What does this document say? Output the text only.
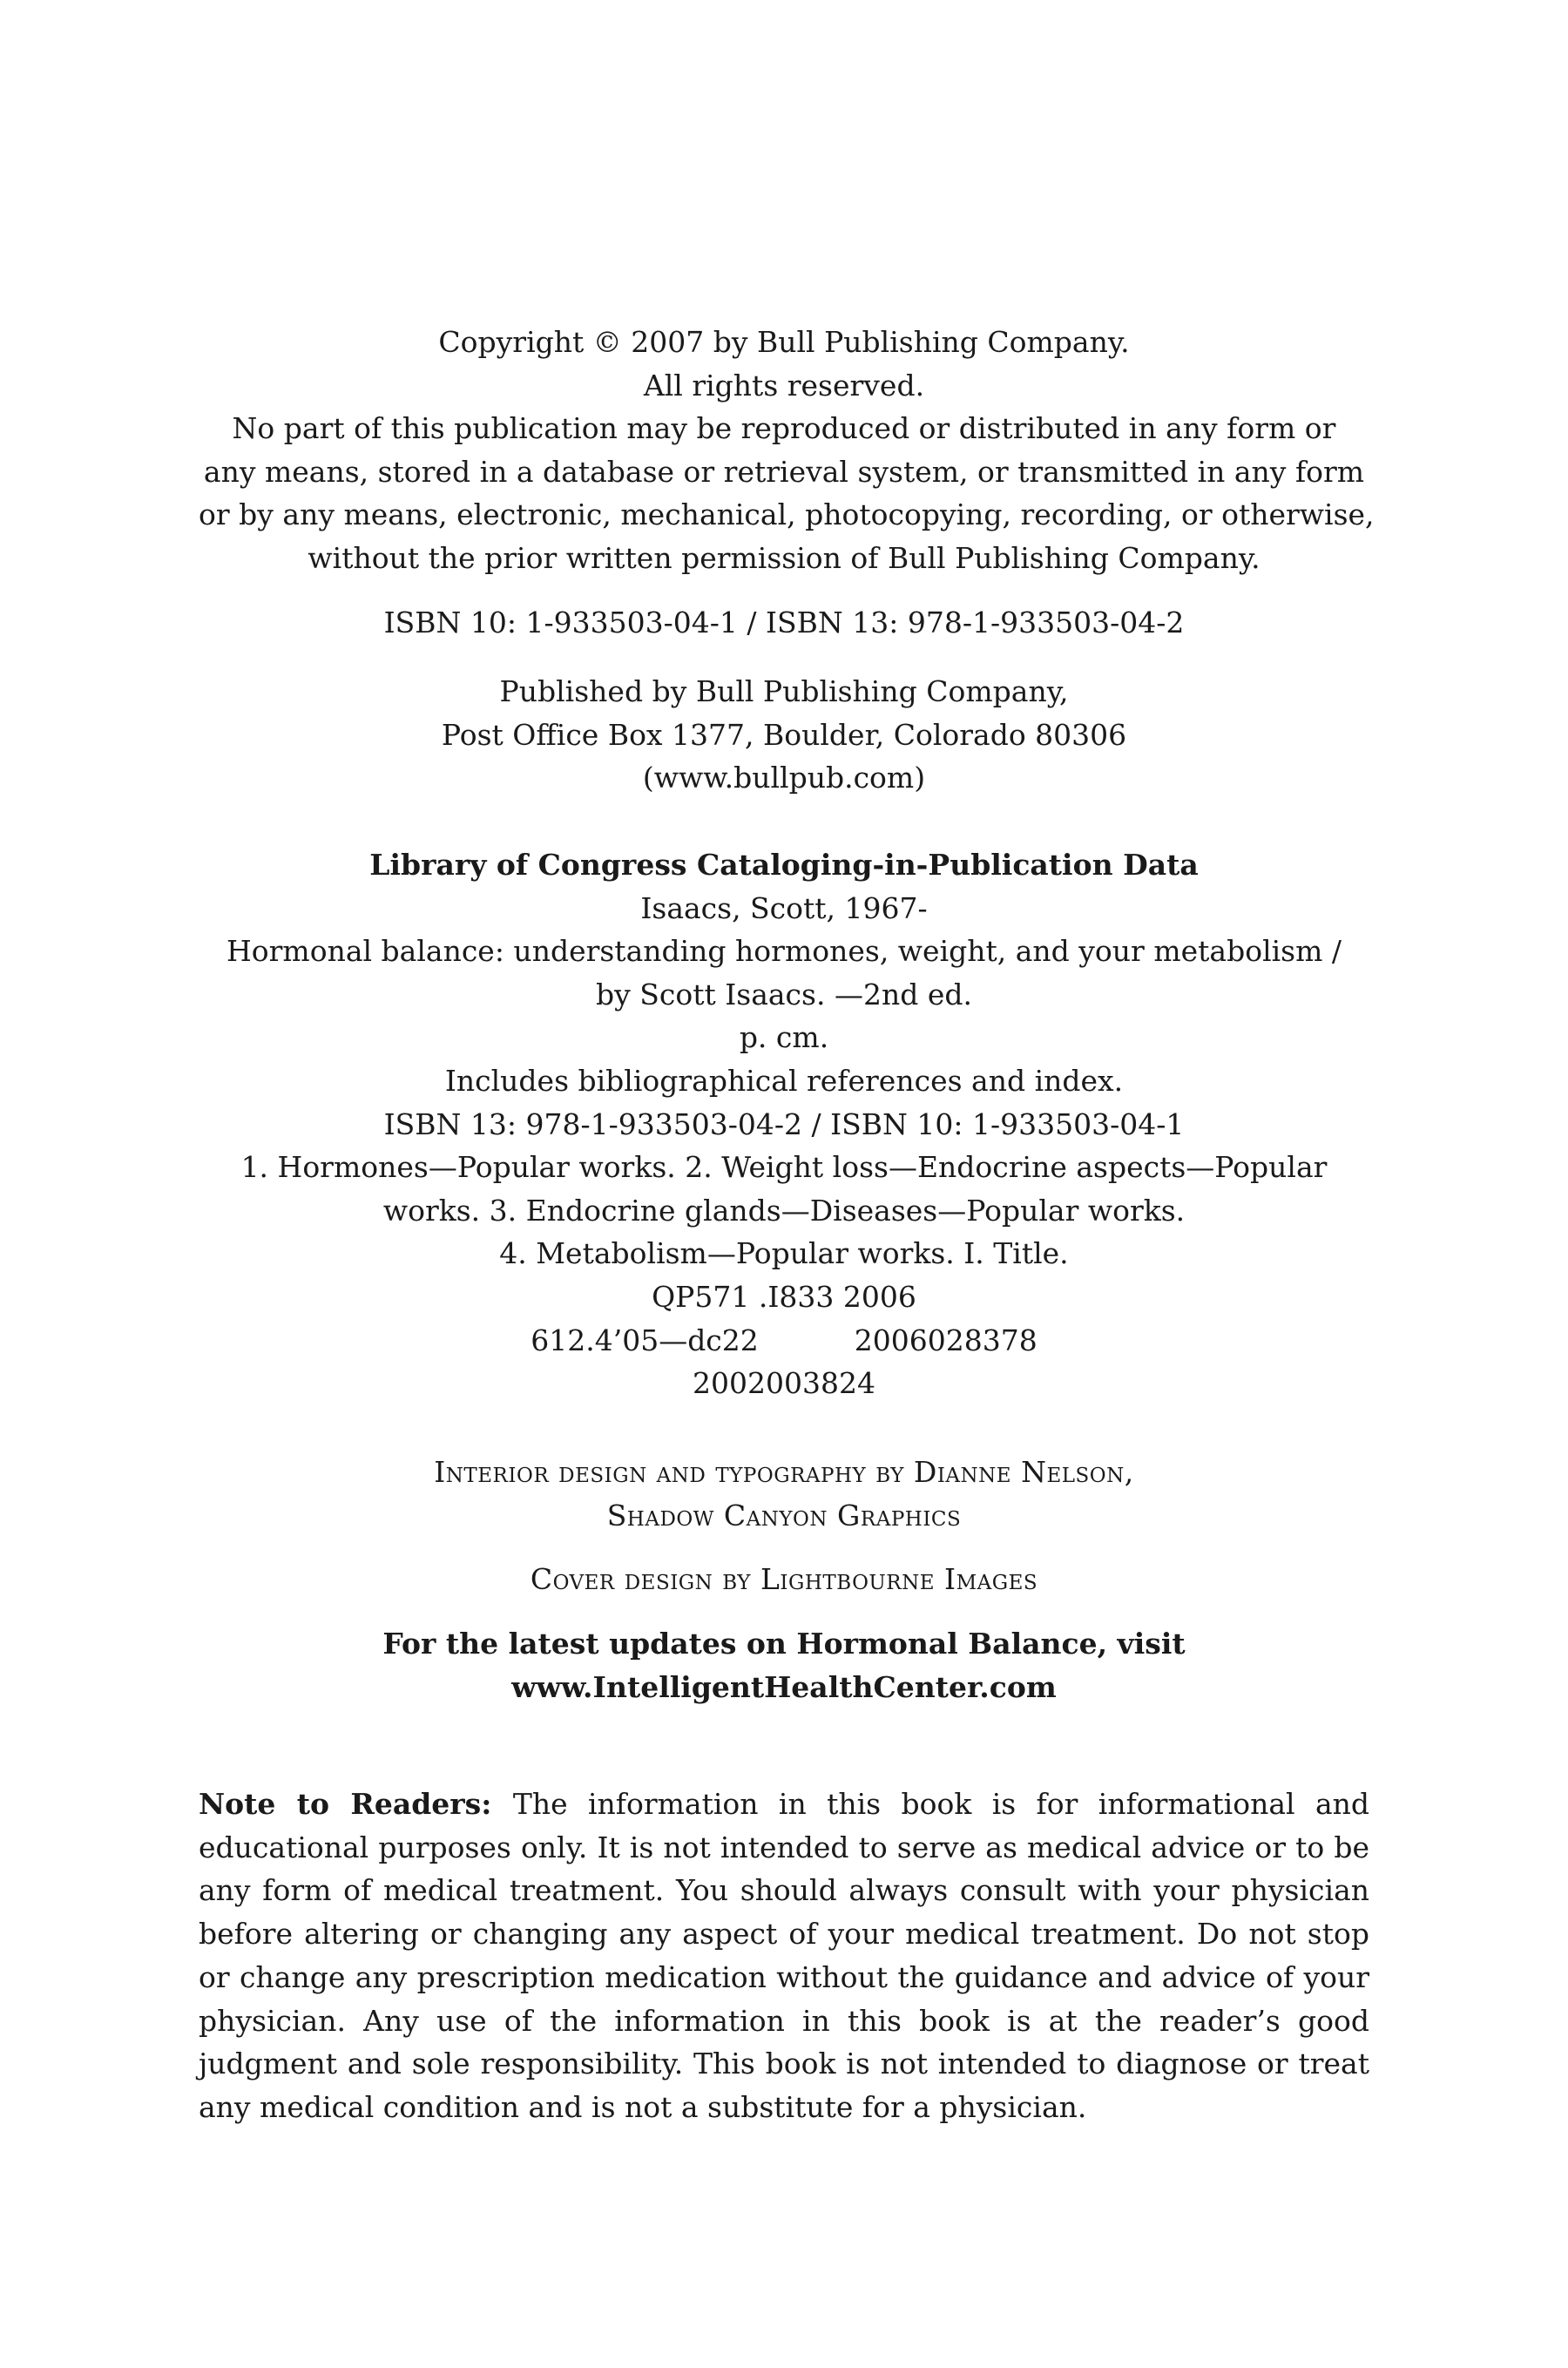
Copyright © 2007 by Bull Publishing Company.
All rights reserved.
No part of this publication may be reproduced or distributed in any form or
any means, stored in a database or retrieval system, or transmitted in any form
or by any means, electronic, mechanical, photocopying, recording, or otherwise,
without the prior written permission of Bull Publishing Company.
ISBN 10: 1-933503-04-1 / ISBN 13: 978-1-933503-04-2
Published by Bull Publishing Company,
Post Office Box 1377, Boulder, Colorado 80306
(www.bullpub.com)
Library of Congress Cataloging-in-Publication Data
Isaacs, Scott, 1967-
Hormonal balance: understanding hormones, weight, and your metabolism /
by Scott Isaacs. —2nd ed.
p. cm.
Includes bibliographical references and index.
ISBN 13: 978-1-933503-04-2 / ISBN 10: 1-933503-04-1
1. Hormones—Popular works. 2. Weight loss—Endocrine aspects—Popular
works. 3. Endocrine glands—Diseases—Popular works.
4. Metabolism—Popular works. I. Title.
QP571 .I833 2006
612.4’05—dc22	2006028378
2002003824
Interior design and typography by Dianne Nelson,
Shadow Canyon Graphics
Cover design by Lightbourne Images
For the latest updates on Hormonal Balance, visit
www.IntelligentHealthCenter.com
Note to Readers: The information in this book is for informational and educational purposes only. It is not intended to serve as medical advice or to be any form of medical treatment. You should always consult with your physician before altering or changing any aspect of your medical treatment. Do not stop or change any prescription medication without the guidance and advice of your physician. Any use of the information in this book is at the reader’s good judgment and sole responsibility. This book is not intended to diagnose or treat any medical condition and is not a substitute for a physician.
